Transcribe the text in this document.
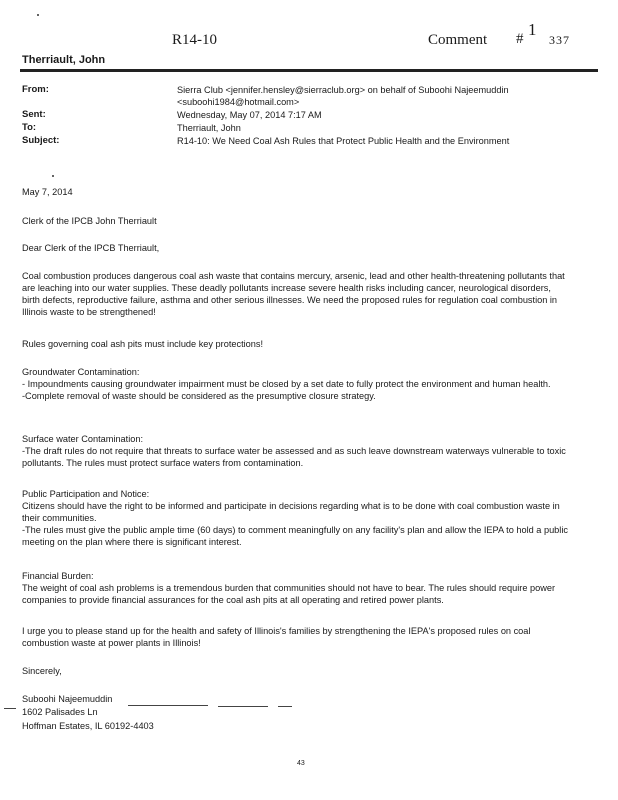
R14-10	Comment # 1
337
Therriault, John
From:	Sierra Club <jennifer.hensley@sierraclub.org> on behalf of Suboohi Najeemuddin
<suboohi1984@hotmail.com>
Sent:	Wednesday, May 07, 2014 7:17 AM
To:	Therriault, John
Subject:	R14-10: We Need Coal Ash Rules that Protect Public Health and the Environment
May 7, 2014
Clerk of the IPCB John Therriault
Dear Clerk of the IPCB Therriault,

Coal combustion produces dangerous coal ash waste that contains mercury, arsenic, lead and other health-threatening pollutants that are leaching into our water supplies. These deadly pollutants increase severe health risks including cancer, neurological disorders, birth defects, reproductive failure, asthma and other serious illnesses. We need the proposed rules for regulation coal combustion in Illinois waste to be strengthened!

Rules governing coal ash pits must include key protections!

Groundwater Contamination:

- Impoundments causing groundwater impairment must be closed by a set date to fully protect the environment and human health.

-Complete removal of waste should be considered as the presumptive closure strategy.

Surface water Contamination:

-The draft rules do not require that threats to surface water be assessed and as such leave downstream waterways vulnerable to toxic pollutants. The rules must protect surface waters from contamination.

Public Participation and Notice:

Citizens should have the right to be informed and participate in decisions regarding what is to be done with coal combustion waste in their communities.

-The rules must give the public ample time (60 days) to comment meaningfully on any facility's plan and allow the IEPA to hold a public meeting on the plan where there is significant interest.

Financial Burden:

The weight of coal ash problems is a tremendous burden that communities should not have to bear. The rules should require power companies to provide financial assurances for the coal ash pits at all operating and retired power plants.

I urge you to please stand up for the health and safety of Illinois's families by strengthening the IEPA's proposed rules on coal combustion waste at power plants in Illinois!
Sincerely,
Suboohi Najeemuddin
1602 Palisades Ln
Hoffman Estates, IL 60192-4403
43
